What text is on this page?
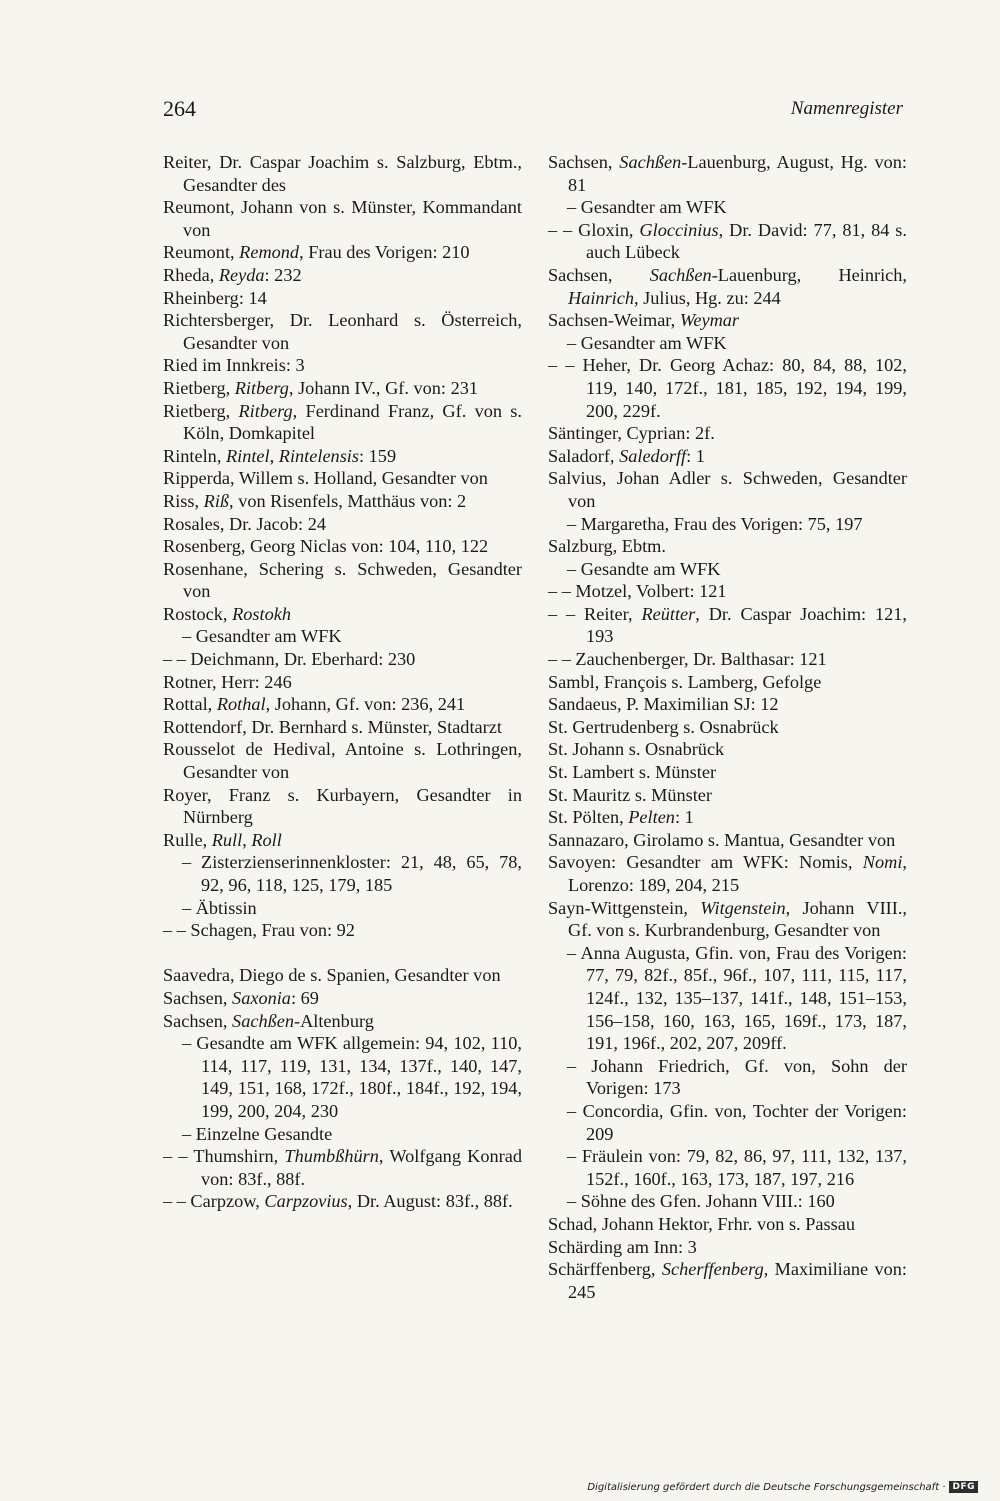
264	Namenregister
Reiter, Dr. Caspar Joachim s. Salzburg, Ebtm., Gesandter des
Reumont, Johann von s. Münster, Kommandant von
Reumont, Remond, Frau des Vorigen: 210
Rheda, Reyda: 232
Rheinberg: 14
Richtersberger, Dr. Leonhard s. Österreich, Gesandter von
Ried im Innkreis: 3
Rietberg, Ritberg, Johann IV., Gf. von: 231
Rietberg, Ritberg, Ferdinand Franz, Gf. von s. Köln, Domkapitel
Rinteln, Rintel, Rintelensis: 159
Ripperda, Willem s. Holland, Gesandter von
Riss, Riß, von Risenfels, Matthäus von: 2
Rosales, Dr. Jacob: 24
Rosenberg, Georg Niclas von: 104, 110, 122
Rosenhane, Schering s. Schweden, Gesandter von
Rostock, Rostokh
– Gesandter am WFK
– – Deichmann, Dr. Eberhard: 230
Rotner, Herr: 246
Rottal, Rothal, Johann, Gf. von: 236, 241
Rottendorf, Dr. Bernhard s. Münster, Stadtarzt
Rousselot de Hedival, Antoine s. Lothringen, Gesandter von
Royer, Franz s. Kurbayern, Gesandter in Nürnberg
Rulle, Rull, Roll
– Zisterzienserinnenkloster: 21, 48, 65, 78, 92, 96, 118, 125, 179, 185
– Äbtissin
– – Schagen, Frau von: 92
Saavedra, Diego de s. Spanien, Gesandter von
Sachsen, Saxonia: 69
Sachsen, Sachßen-Altenburg
– Gesandte am WFK allgemein: 94, 102, 110, 114, 117, 119, 131, 134, 137f., 140, 147, 149, 151, 168, 172f., 180f., 184f., 192, 194, 199, 200, 204, 230
– Einzelne Gesandte
– – Thumshirn, Thumbßhürn, Wolfgang Konrad von: 83f., 88f.
– – Carpzow, Carpzovius, Dr. August: 83f., 88f.
Sachsen, Sachßen-Lauenburg, August, Hg. von: 81
– Gesandter am WFK
– – Gloxin, Gloccinius, Dr. David: 77, 81, 84 s. auch Lübeck
Sachsen, Sachßen-Lauenburg, Heinrich, Hainrich, Julius, Hg. zu: 244
Sachsen-Weimar, Weymar
– Gesandter am WFK
– – Heher, Dr. Georg Achaz: 80, 84, 88, 102, 119, 140, 172f., 181, 185, 192, 194, 199, 200, 229f.
Säntinger, Cyprian: 2f.
Saladorf, Saledorff: 1
Salvius, Johan Adler s. Schweden, Gesandter von
– Margaretha, Frau des Vorigen: 75, 197
Salzburg, Ebtm.
– Gesandte am WFK
– – Motzel, Volbert: 121
– – Reiter, Reütter, Dr. Caspar Joachim: 121, 193
– – Zauchenberger, Dr. Balthasar: 121
Sambl, François s. Lamberg, Gefolge
Sandaeus, P. Maximilian SJ: 12
St. Gertrudenberg s. Osnabrück
St. Johann s. Osnabrück
St. Lambert s. Münster
St. Mauritz s. Münster
St. Pölten, Pelten: 1
Sannazaro, Girolamo s. Mantua, Gesandter von
Savoyen: Gesandter am WFK: Nomis, Nomi, Lorenzo: 189, 204, 215
Sayn-Wittgenstein, Witgenstein, Johann VIII., Gf. von s. Kurbrandenburg, Gesandter von
– Anna Augusta, Gfin. von, Frau des Vorigen: 77, 79, 82f., 85f., 96f., 107, 111, 115, 117, 124f., 132, 135–137, 141f., 148, 151–153, 156–158, 160, 163, 165, 169f., 173, 187, 191, 196f., 202, 207, 209ff.
– Johann Friedrich, Gf. von, Sohn der Vorigen: 173
– Concordia, Gfin. von, Tochter der Vorigen: 209
– Fräulein von: 79, 82, 86, 97, 111, 132, 137, 152f., 160f., 163, 173, 187, 197, 216
– Söhne des Gfen. Johann VIII.: 160
Schad, Johann Hektor, Frhr. von s. Passau
Schärding am Inn: 3
Schärffenberg, Scherffenberg, Maximiliane von: 245
Digitalisierung gefördert durch die Deutsche Forschungsgemeinschaft · DFG
